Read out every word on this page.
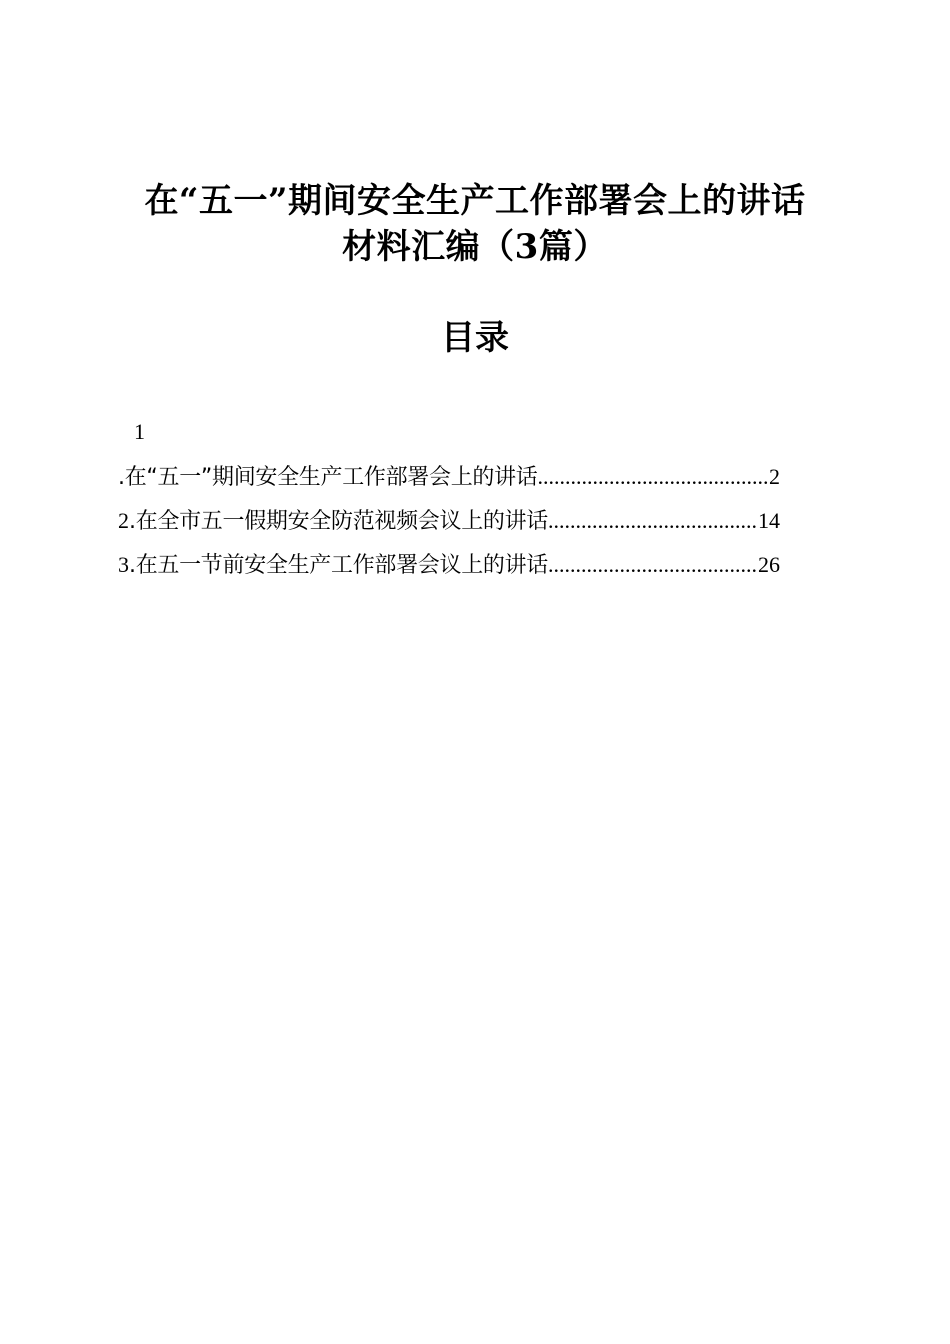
在“五一”期间安全生产工作部署会上的讲话
材料汇编（3篇）
目录
1
.在“五一”期间安全生产工作部署会上的讲话 .....	2
2 .在全市五一假期安全防范视频会议上的讲话 .....	14
3 .在五一节前安全生产工作部署会议上的讲话 .....	26
